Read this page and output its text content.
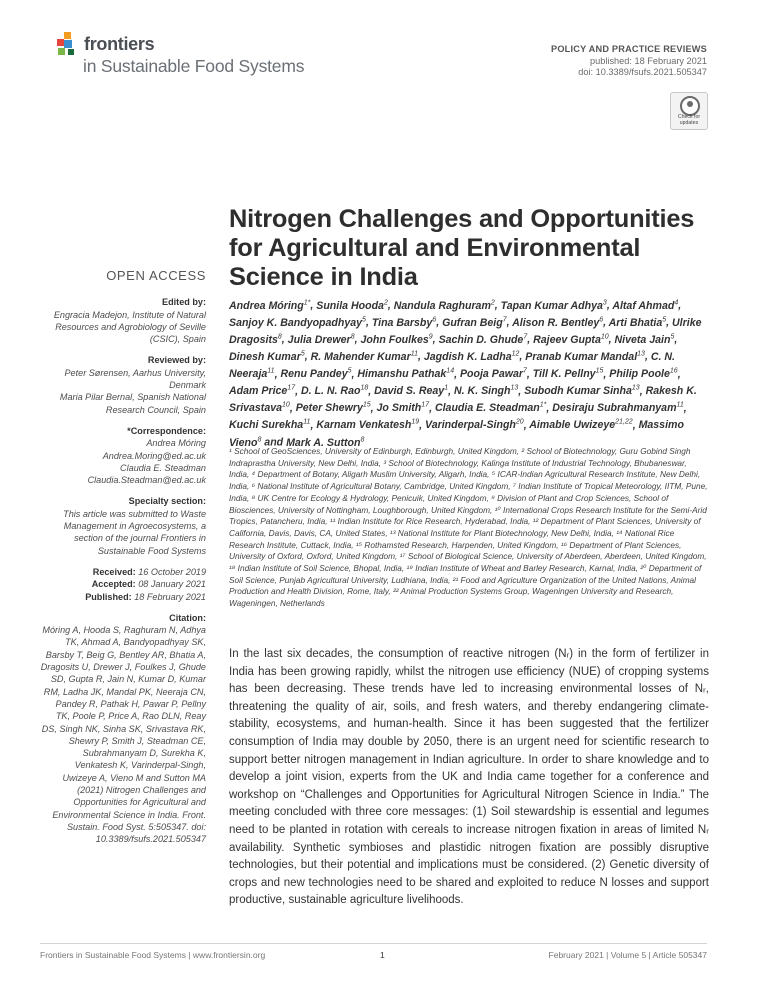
frontiers
in Sustainable Food Systems
POLICY AND PRACTICE REVIEWS
published: 18 February 2021
doi: 10.3389/fsufs.2021.505347
Check for updates
Nitrogen Challenges and Opportunities for Agricultural and Environmental Science in India
OPEN ACCESS
Edited by:
Engracia Madejon, Institute of Natural Resources and Agrobiology of Seville (CSIC), Spain
Reviewed by:
Peter Sørensen, Aarhus University, Denmark
Maria Pilar Bernal, Spanish National Research Council, Spain
*Correspondence:
Andrea Móring
Andrea.Moring@ed.ac.uk
Claudia E. Steadman
Claudia.Steadman@ed.ac.uk
Specialty section:
This article was submitted to Waste Management in Agroecosystems, a section of the journal Frontiers in Sustainable Food Systems
Received: 16 October 2019
Accepted: 08 January 2021
Published: 18 February 2021
Citation:
Móring A, Hooda S, Raghuram N, Adhya TK, Ahmad A, Bandyopadhyay SK, Barsby T, Beig G, Bentley AR, Bhatia A, Dragosits U, Drewer J, Foulkes J, Ghude SD, Gupta R, Jain N, Kumar D, Kumar RM, Ladha JK, Mandal PK, Neeraja CN, Pandey R, Pathak H, Pawar P, Pellny TK, Poole P, Price A, Rao DLN, Reay DS, Singh NK, Sinha SK, Srivastava RK, Shewry P, Smith J, Steadman CE, Subrahmanyam D, Surekha K, Venkatesh K, Varinderpal-Singh, Uwizeye A, Vieno M and Sutton MA (2021) Nitrogen Challenges and Opportunities for Agricultural and Environmental Science in India. Front. Sustain. Food Syst. 5:505347. doi: 10.3389/fsufs.2021.505347
Andrea Móring$^{1*}$, Sunila Hooda$^2$, Nandula Raghuram$^2$, Tapan Kumar Adhya$^3$, Altaf Ahmad$^4$, Sanjoy K. Bandyopadhyay$^5$, Tina Barsby$^6$, Gufran Beig$^7$, Alison R. Bentley$^6$, Arti Bhatia$^5$, Ulrike Dragosits$^8$, Julia Drewer$^8$, John Foulkes$^9$, Sachin D. Ghude$^7$, Rajeev Gupta$^{10}$, Niveta Jain$^5$, Dinesh Kumar$^5$, R. Mahender Kumar$^{11}$, Jagdish K. Ladha$^{12}$, Pranab Kumar Mandal$^{13}$, C. N. Neeraja$^{11}$, Renu Pandey$^5$, Himanshu Pathak$^{14}$, Pooja Pawar$^7$, Till K. Pellny$^{15}$, Philip Poole$^{16}$, Adam Price$^{17}$, D. L. N. Rao$^{18}$, David S. Reay$^1$, N. K. Singh$^{13}$, Subodh Kumar Sinha$^{13}$, Rakesh K. Srivastava$^{10}$, Peter Shewry$^{15}$, Jo Smith$^{17}$, Claudia E. Steadman$^{1*}$, Desiraju Subrahmanyam$^{11}$, Kuchi Surekha$^{11}$, Karnam Venkatesh$^{19}$, Varinderpal-Singh$^{20}$, Aimable Uwizeye$^{21,22}$, Massimo Vieno$^8$ and Mark A. Sutton$^8$
¹ School of GeoSciences, University of Edinburgh, Edinburgh, United Kingdom, ² School of Biotechnology, Guru Gobind Singh Indraprastha University, New Delhi, India, ³ School of Biotechnology, Kalinga Institute of Industrial Technology, Bhubaneswar, India, ⁴ Department of Botany, Aligarh Muslim University, Aligarh, India, ⁵ ICAR-Indian Agricultural Research Institute, New Delhi, India, ⁶ National Institute of Agricultural Botany, Cambridge, United Kingdom, ⁷ Indian Institute of Tropical Meteorology, IITM, Pune, India, ⁸ UK Centre for Ecology & Hydrology, Penicuik, United Kingdom, ⁹ Division of Plant and Crop Sciences, School of Biosciences, University of Nottingham, Loughborough, United Kingdom, ¹⁰ International Crops Research Institute for the Semi-Arid Tropics, Patancheru, India, ¹¹ Indian Institute for Rice Research, Hyderabad, India, ¹² Department of Plant Sciences, University of California, Davis, Davis, CA, United States, ¹³ National Institute for Plant Biotechnology, New Delhi, India, ¹⁴ National Rice Research Institute, Cuttack, India, ¹⁵ Rothamsted Research, Harpenden, United Kingdom, ¹⁶ Department of Plant Sciences, University of Oxford, Oxford, United Kingdom, ¹⁷ School of Biological Science, University of Aberdeen, Aberdeen, United Kingdom, ¹⁸ Indian Institute of Soil Science, Bhopal, India, ¹⁹ Indian Institute of Wheat and Barley Research, Karnal, India, ²⁰ Department of Soil Science, Punjab Agricultural University, Ludhiana, India, ²¹ Food and Agriculture Organization of the United Nations, Animal Production and Health Division, Rome, Italy, ²² Animal Production Systems Group, Wageningen University and Research, Wageningen, Netherlands
In the last six decades, the consumption of reactive nitrogen (Nᵣ) in the form of fertilizer in India has been growing rapidly, whilst the nitrogen use efficiency (NUE) of cropping systems has been decreasing. These trends have led to increasing environmental losses of Nᵣ, threatening the quality of air, soils, and fresh waters, and thereby endangering climate-stability, ecosystems, and human-health. Since it has been suggested that the fertilizer consumption of India may double by 2050, there is an urgent need for scientific research to support better nitrogen management in Indian agriculture. In order to share knowledge and to develop a joint vision, experts from the UK and India came together for a conference and workshop on “Challenges and Opportunities for Agricultural Nitrogen Science in India.” The meeting concluded with three core messages: (1) Soil stewardship is essential and legumes need to be planted in rotation with cereals to increase nitrogen fixation in areas of limited Nᵣ availability. Synthetic symbioses and plastidic nitrogen fixation are possibly disruptive technologies, but their potential and implications must be considered. (2) Genetic diversity of crops and new technologies need to be shared and exploited to reduce N losses and support productive, sustainable agriculture livelihoods.
Frontiers in Sustainable Food Systems | www.frontiersin.org	1	February 2021 | Volume 5 | Article 505347
